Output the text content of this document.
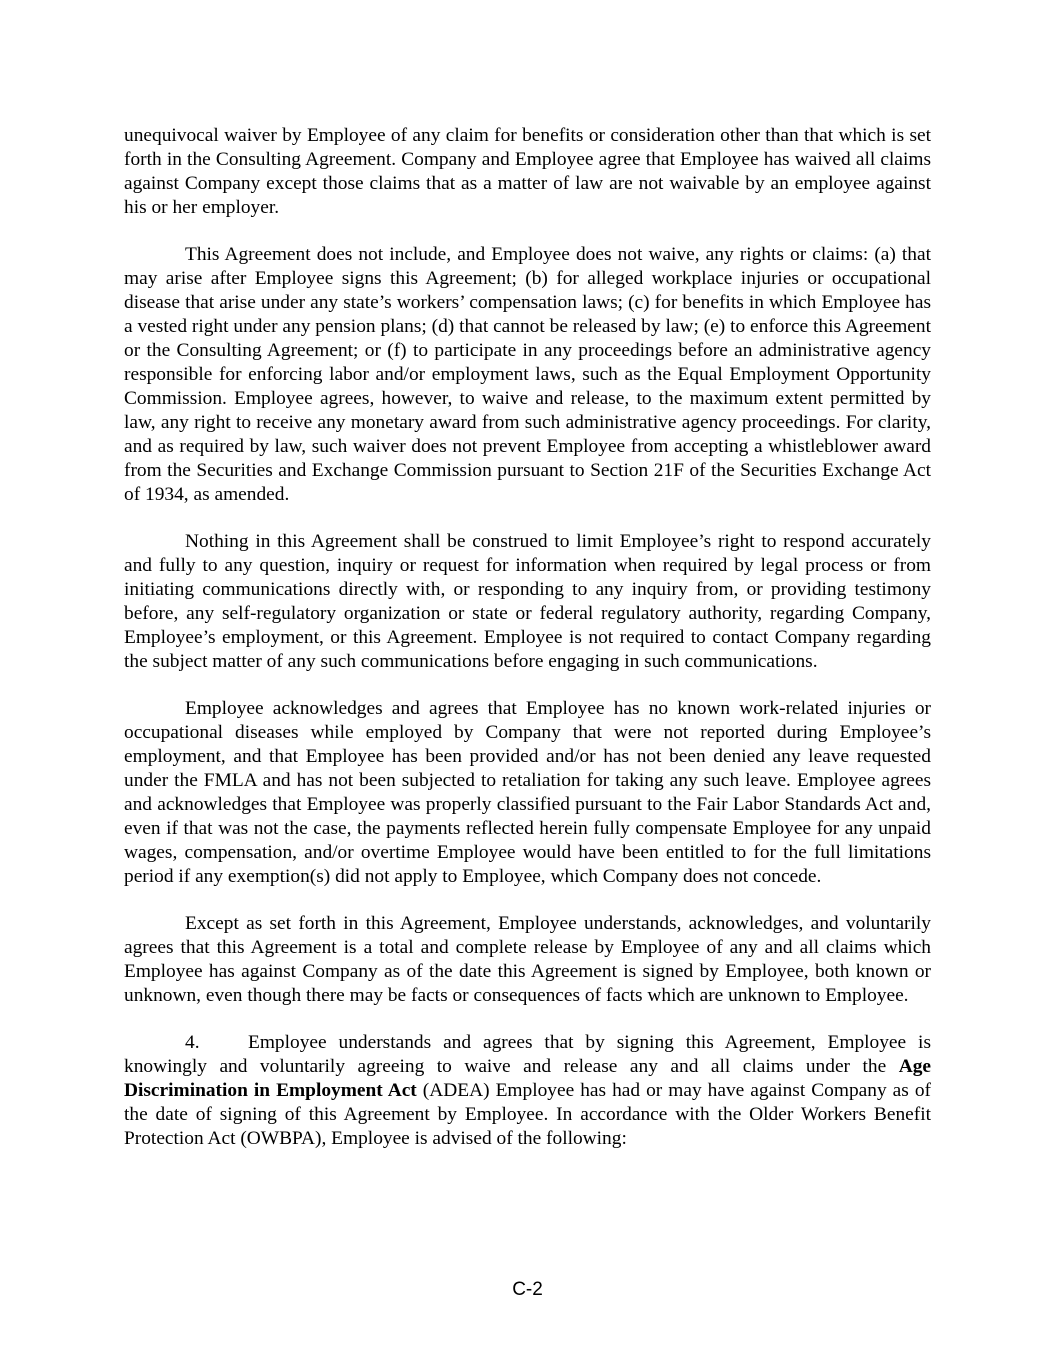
unequivocal waiver by Employee of any claim for benefits or consideration other than that which is set forth in the Consulting Agreement. Company and Employee agree that Employee has waived all claims against Company except those claims that as a matter of law are not waivable by an employee against his or her employer.

This Agreement does not include, and Employee does not waive, any rights or claims: (a) that may arise after Employee signs this Agreement; (b) for alleged workplace injuries or occupational disease that arise under any state’s workers’ compensation laws; (c) for benefits in which Employee has a vested right under any pension plans; (d) that cannot be released by law; (e) to enforce this Agreement or the Consulting Agreement; or (f) to participate in any proceedings before an administrative agency responsible for enforcing labor and/or employment laws, such as the Equal Employment Opportunity Commission. Employee agrees, however, to waive and release, to the maximum extent permitted by law, any right to receive any monetary award from such administrative agency proceedings. For clarity, and as required by law, such waiver does not prevent Employee from accepting a whistleblower award from the Securities and Exchange Commission pursuant to Section 21F of the Securities Exchange Act of 1934, as amended.

Nothing in this Agreement shall be construed to limit Employee’s right to respond accurately and fully to any question, inquiry or request for information when required by legal process or from initiating communications directly with, or responding to any inquiry from, or providing testimony before, any self-regulatory organization or state or federal regulatory authority, regarding Company, Employee’s employment, or this Agreement. Employee is not required to contact Company regarding the subject matter of any such communications before engaging in such communications.

Employee acknowledges and agrees that Employee has no known work-related injuries or occupational diseases while employed by Company that were not reported during Employee’s employment, and that Employee has been provided and/or has not been denied any leave requested under the FMLA and has not been subjected to retaliation for taking any such leave. Employee agrees and acknowledges that Employee was properly classified pursuant to the Fair Labor Standards Act and, even if that was not the case, the payments reflected herein fully compensate Employee for any unpaid wages, compensation, and/or overtime Employee would have been entitled to for the full limitations period if any exemption(s) did not apply to Employee, which Company does not concede.

Except as set forth in this Agreement, Employee understands, acknowledges, and voluntarily agrees that this Agreement is a total and complete release by Employee of any and all claims which Employee has against Company as of the date this Agreement is signed by Employee, both known or unknown, even though there may be facts or consequences of facts which are unknown to Employee.

4. Employee understands and agrees that by signing this Agreement, Employee is knowingly and voluntarily agreeing to waive and release any and all claims under the Age Discrimination in Employment Act (ADEA) Employee has had or may have against Company as of the date of signing of this Agreement by Employee. In accordance with the Older Workers Benefit Protection Act (OWBPA), Employee is advised of the following:

C-2
